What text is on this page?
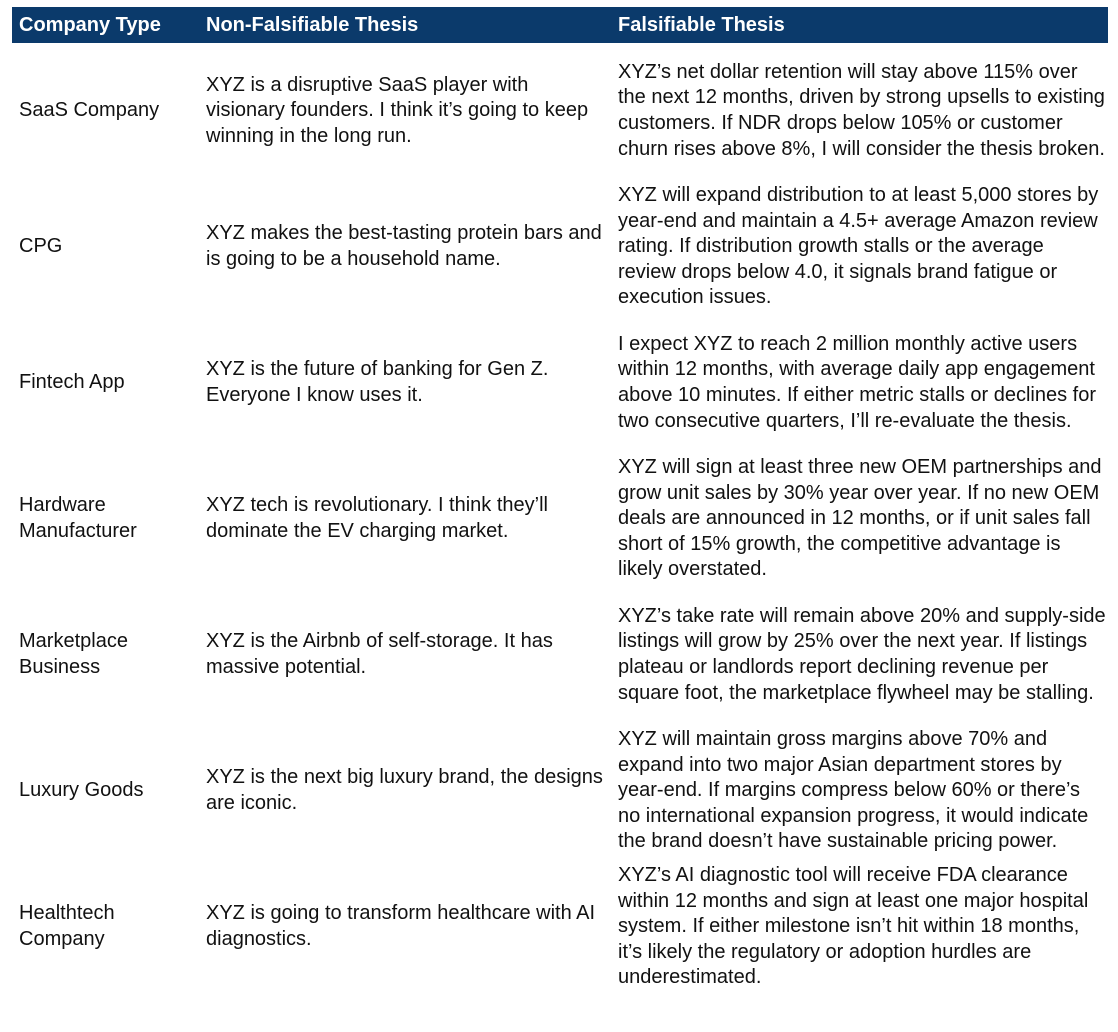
Company Type	Non-Falsifiable Thesis	Falsifiable Thesis
SaaS Company	XYZ is a disruptive SaaS player with visionary founders. I think it’s going to keep winning in the long run.	XYZ’s net dollar retention will stay above 115% over the next 12 months, driven by strong upsells to existing customers. If NDR drops below 105% or customer churn rises above 8%, I will consider the thesis broken.
CPG	XYZ makes the best-tasting protein bars and is going to be a household name.	XYZ will expand distribution to at least 5,000 stores by year-end and maintain a 4.5+ average Amazon review rating. If distribution growth stalls or the average review drops below 4.0, it signals brand fatigue or execution issues.
Fintech App	XYZ is the future of banking for Gen Z. Everyone I know uses it.	I expect XYZ to reach 2 million monthly active users within 12 months, with average daily app engagement above 10 minutes. If either metric stalls or declines for two consecutive quarters, I’ll re-evaluate the thesis.
Hardware Manufacturer	XYZ tech is revolutionary. I think they’ll dominate the EV charging market.	XYZ will sign at least three new OEM partnerships and grow unit sales by 30% year over year. If no new OEM deals are announced in 12 months, or if unit sales fall short of 15% growth, the competitive advantage is likely overstated.
Marketplace Business	XYZ is the Airbnb of self-storage. It has massive potential.	XYZ’s take rate will remain above 20% and supply-side listings will grow by 25% over the next year. If listings plateau or landlords report declining revenue per square foot, the marketplace flywheel may be stalling.
Luxury Goods	XYZ is the next big luxury brand, the designs are iconic.	XYZ will maintain gross margins above 70% and expand into two major Asian department stores by year-end. If margins compress below 60% or there’s no international expansion progress, it would indicate the brand doesn’t have sustainable pricing power.
Healthtech Company	XYZ is going to transform healthcare with AI diagnostics.	XYZ’s AI diagnostic tool will receive FDA clearance within 12 months and sign at least one major hospital system. If either milestone isn’t hit within 18 months, it’s likely the regulatory or adoption hurdles are underestimated.
